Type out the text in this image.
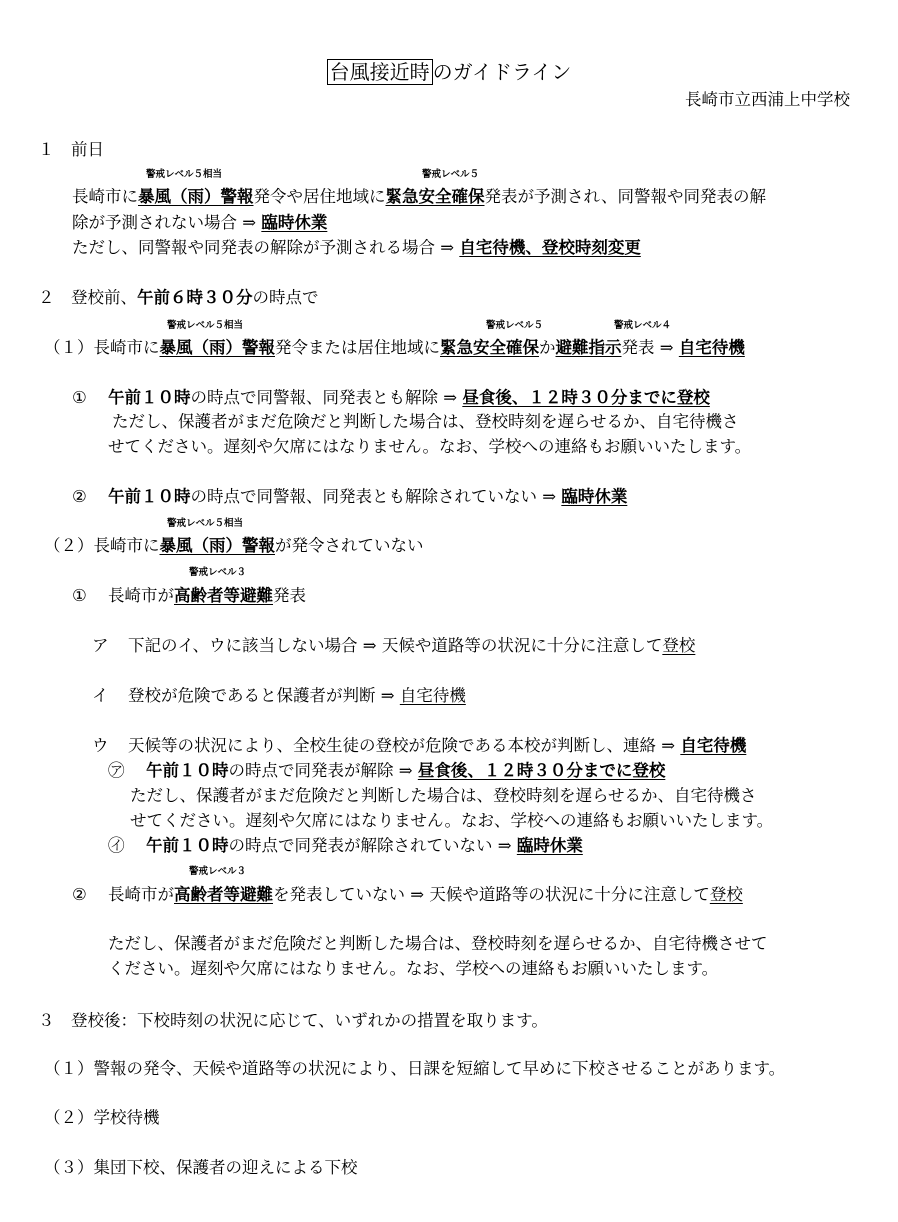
台風接近時 のガイドライン
長崎市立西浦上中学校
１　前日
警戒レベル５相当	警戒レベル５
長崎市に暴風（雨）警報発令や居住地域に緊急安全確保発表が予測され、同警報や同発表の解
除が予測されない場合 ⇒ 臨時休業
ただし、同警報や同発表の解除が予測される場合 ⇒ 自宅待機、登校時刻変更
２　登校前、午前６時３０分の時点で
警戒レベル５相当	警戒レベル５	警戒レベル４
（１）長崎市に暴風（雨）警報発令または居住地域に緊急安全確保か避難指示発表 ⇒ 自宅待機
① 午前１０時の時点で同警報、同発表とも解除 ⇒ 昼食後、１２時３０分までに登校
ただし、保護者がまだ危険だと判断した場合は、登校時刻を遅らせるか、自宅待機さ
せてください。遅刻や欠席にはなりません。なお、学校への連絡もお願いいたします。
② 午前１０時の時点で同警報、同発表とも解除されていない ⇒ 臨時休業
警戒レベル５相当
（２）長崎市に暴風（雨）警報が発令されていない
警戒レベル３
① 長崎市が高齢者等避難発表
ア 下記のイ、ウに該当しない場合 ⇒ 天候や道路等の状況に十分に注意して登校
イ 登校が危険であると保護者が判断 ⇒ 自宅待機
ウ 天候等の状況により、全校生徒の登校が危険である本校が判断し、連絡 ⇒ 自宅待機
㋐ 午前１０時の時点で同発表が解除 ⇒ 昼食後、１２時３０分までに登校
ただし、保護者がまだ危険だと判断した場合は、登校時刻を遅らせるか、自宅待機さ
せてください。遅刻や欠席にはなりません。なお、学校への連絡もお願いいたします。
㋑ 午前１０時の時点で同発表が解除されていない ⇒ 臨時休業
警戒レベル３
② 長崎市が高齢者等避難を発表していない ⇒ 天候や道路等の状況に十分に注意して登校
ただし、保護者がまだ危険だと判断した場合は、登校時刻を遅らせるか、自宅待機させて
ください。遅刻や欠席にはなりません。なお、学校への連絡もお願いいたします。
３　登校後：下校時刻の状況に応じて、いずれかの措置を取ります。
（１）警報の発令、天候や道路等の状況により、日課を短縮して早めに下校させることがあります。
（２）学校待機
（３）集団下校、保護者の迎えによる下校
